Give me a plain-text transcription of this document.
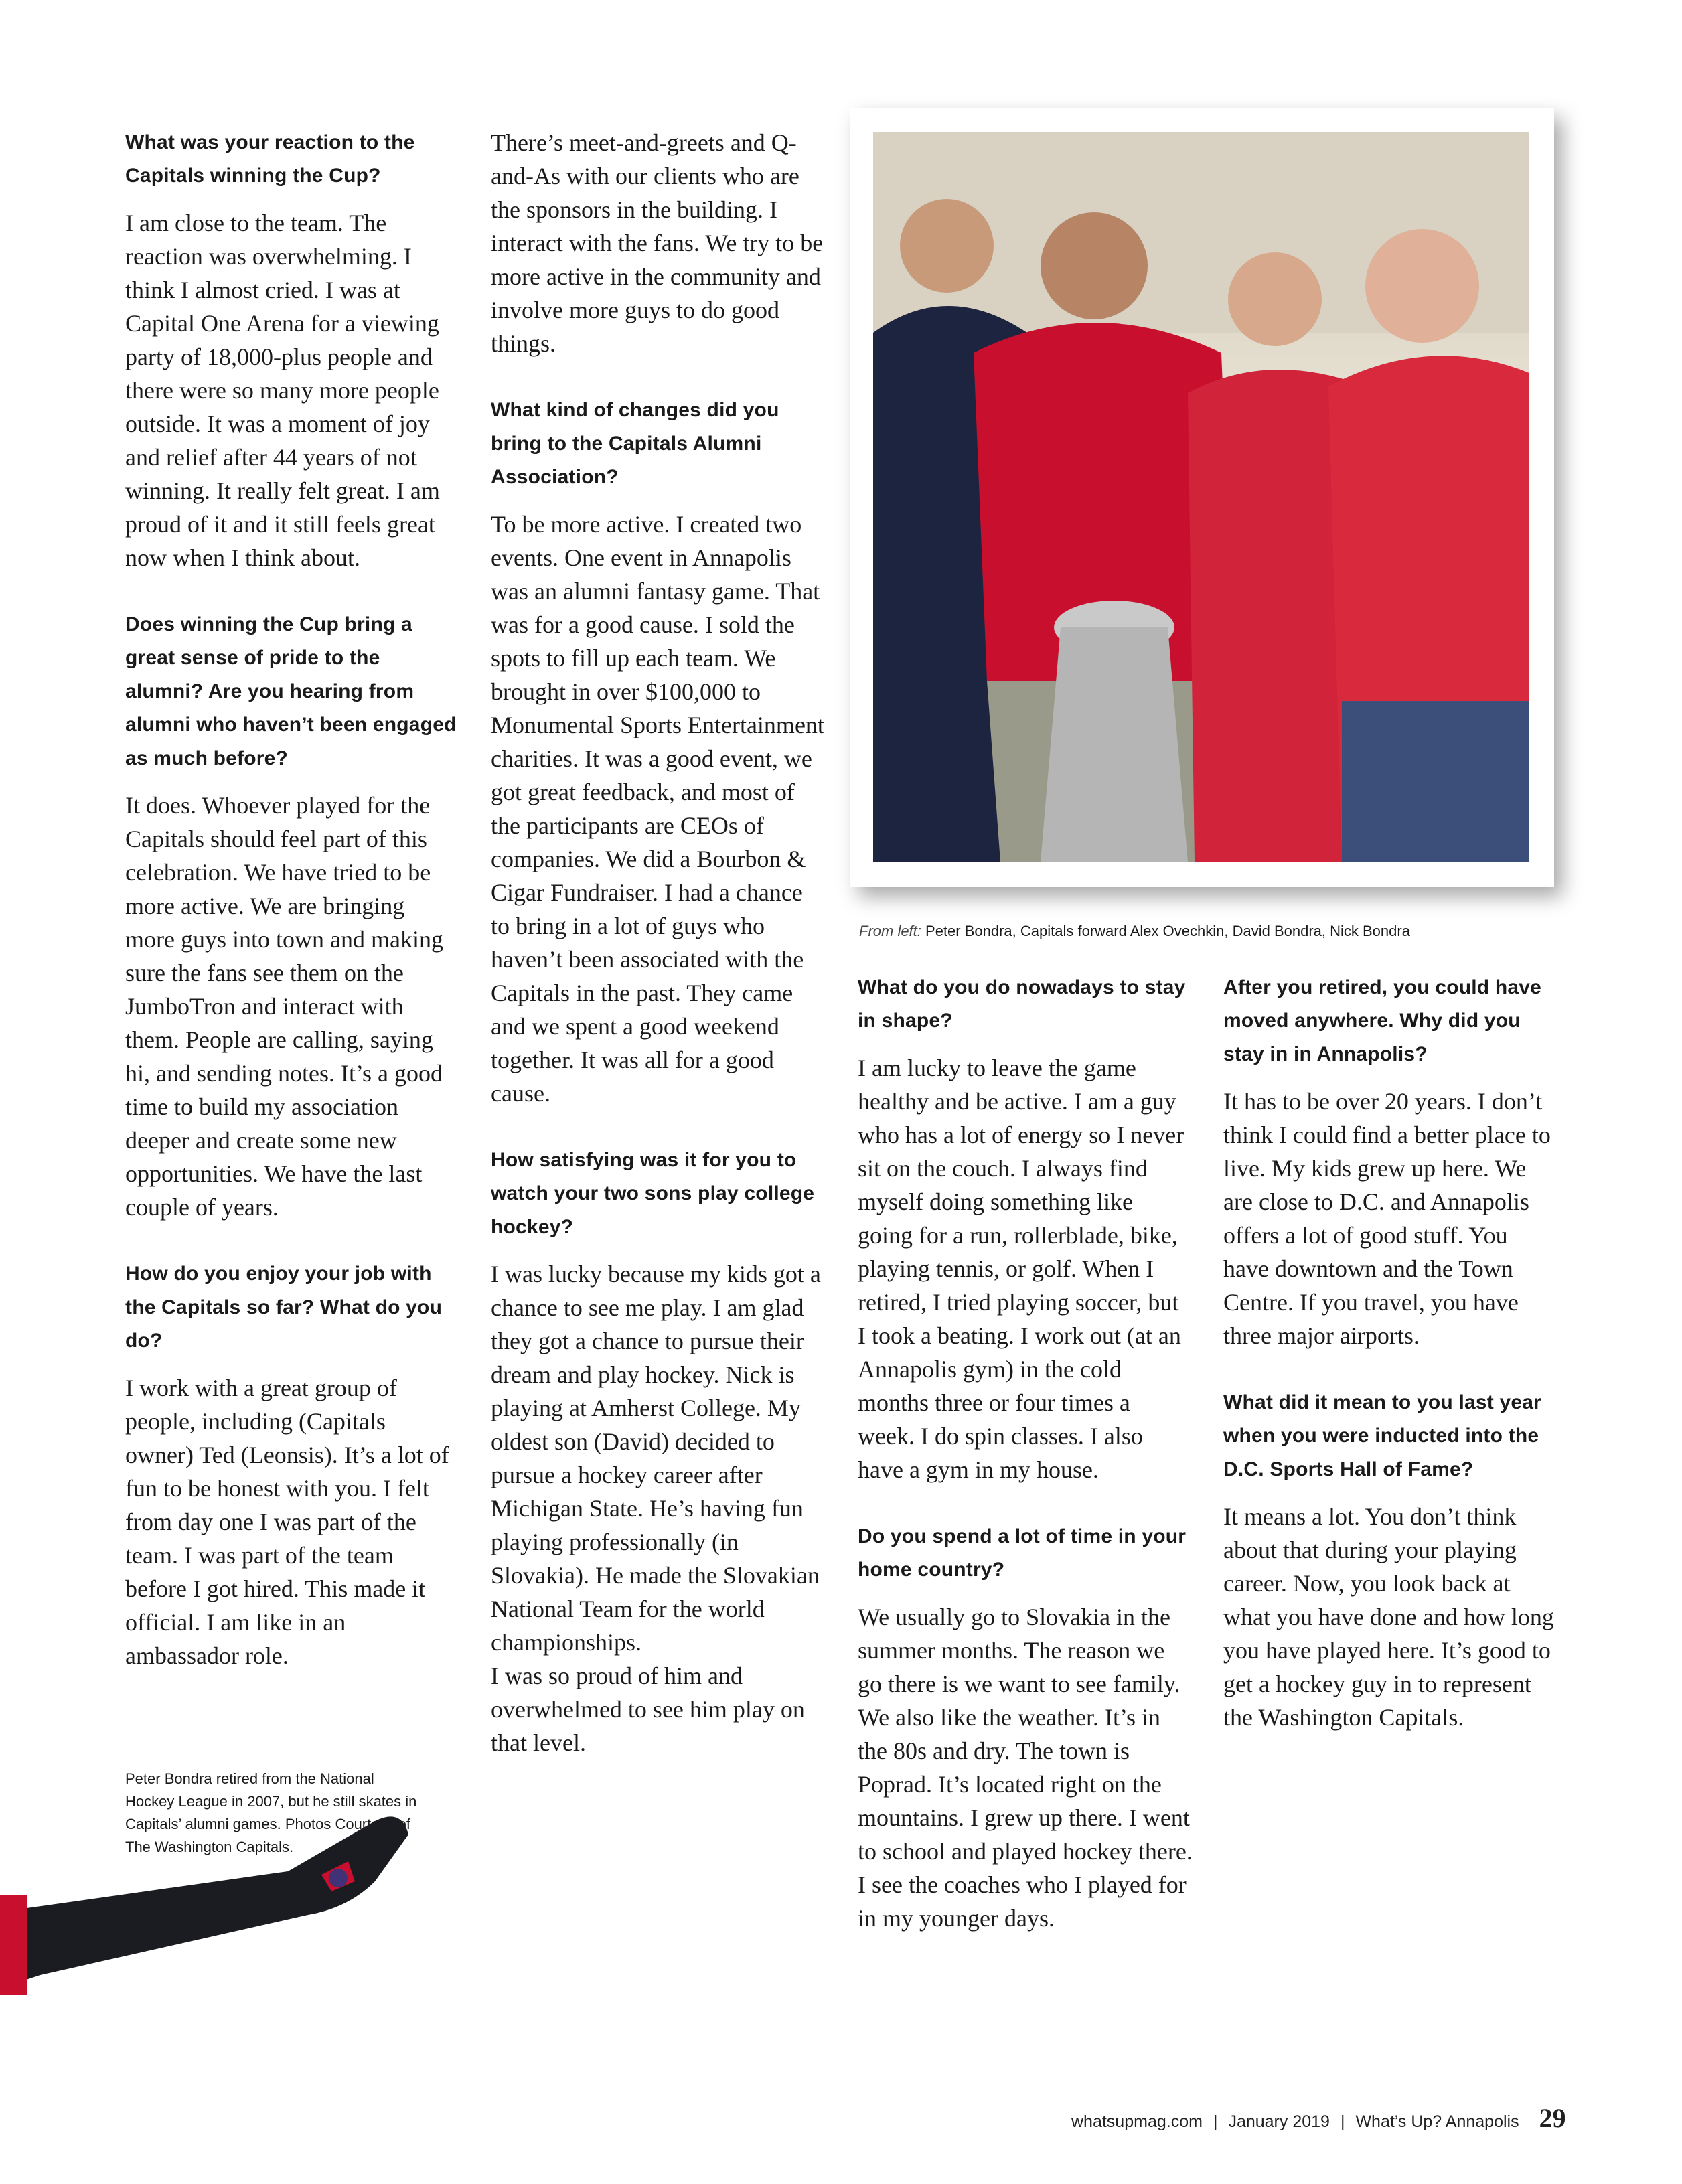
What was your reaction to the Capitals winning the Cup?

I am close to the team. The reaction was overwhelming. I think I almost cried. I was at Capital One Arena for a viewing party of 18,000-plus people and there were so many more people outside. It was a moment of joy and relief after 44 years of not winning. It really felt great. I am proud of it and it still feels great now when I think about.

Does winning the Cup bring a great sense of pride to the alumni? Are you hearing from alumni who haven’t been engaged as much before?

It does. Whoever played for the Capitals should feel part of this celebration. We have tried to be more active. We are bringing more guys into town and making sure the fans see them on the JumboTron and interact with them. People are calling, saying hi, and sending notes. It’s a good time to build my association deeper and create some new opportunities. We have the last couple of years.

How do you enjoy your job with the Capitals so far? What do you do?

I work with a great group of people, including (Capitals owner) Ted (Leonsis). It’s a lot of fun to be honest with you. I felt from day one I was part of the team. I was part of the team before I got hired. This made it official. I am like in an ambassador role.

Peter Bondra retired from the National Hockey League in 2007, but he still skates in Capitals’ alumni games. Photos Courtesy of The Washington Capitals.

There’s meet-and-greets and Q-and-As with our clients who are the sponsors in the building. I interact with the fans. We try to be more active in the community and involve more guys to do good things.

What kind of changes did you bring to the Capitals Alumni Association?

To be more active. I created two events. One event in Annapolis was an alumni fantasy game. That was for a good cause. I sold the spots to fill up each team. We brought in over $100,000 to Monumental Sports Entertainment charities. It was a good event, we got great feedback, and most of the participants are CEOs of companies. We did a Bourbon & Cigar Fundraiser. I had a chance to bring in a lot of guys who haven’t been associated with the Capitals in the past. They came and we spent a good weekend together. It was all for a good cause.

How satisfying was it for you to watch your two sons play college hockey?

I was lucky because my kids got a chance to see me play. I am glad they got a chance to pursue their dream and play hockey. Nick is playing at Amherst College. My oldest son (David) decided to pursue a hockey career after Michigan State. He’s having fun playing professionally (in Slovakia). He made the Slovakian National Team for the world championships.

I was so proud of him and overwhelmed to see him play on that level.

From left: Peter Bondra, Capitals forward Alex Ovechkin, David Bondra, Nick Bondra
What do you do nowadays to stay in shape?

I am lucky to leave the game healthy and be active. I am a guy who has a lot of energy so I never sit on the couch. I always find myself doing something like going for a run, rollerblade, bike, playing tennis, or golf. When I retired, I tried playing soccer, but I took a beating. I work out (at an Annapolis gym) in the cold months three or four times a week. I do spin classes. I also have a gym in my house.

Do you spend a lot of time in your home country?

We usually go to Slovakia in the summer months. The reason we go there is we want to see family. We also like the weather. It’s in the 80s and dry. The town is Poprad. It’s located right on the mountains. I grew up there. I went to school and played hockey there. I see the coaches who I played for in my younger days.

After you retired, you could have moved anywhere. Why did you stay in in Annapolis?

It has to be over 20 years. I don’t think I could find a better place to live. My kids grew up here. We are close to D.C. and Annapolis offers a lot of good stuff. You have downtown and the Town Centre. If you travel, you have three major airports.

What did it mean to you last year when you were inducted into the D.C. Sports Hall of Fame?

It means a lot. You don’t think about that during your playing career. Now, you look back at what you have done and how long you have played here. It’s good to get a hockey guy in to represent the Washington Capitals.

whatsupmag.com | January 2019 | What’s Up? Annapolis 29
